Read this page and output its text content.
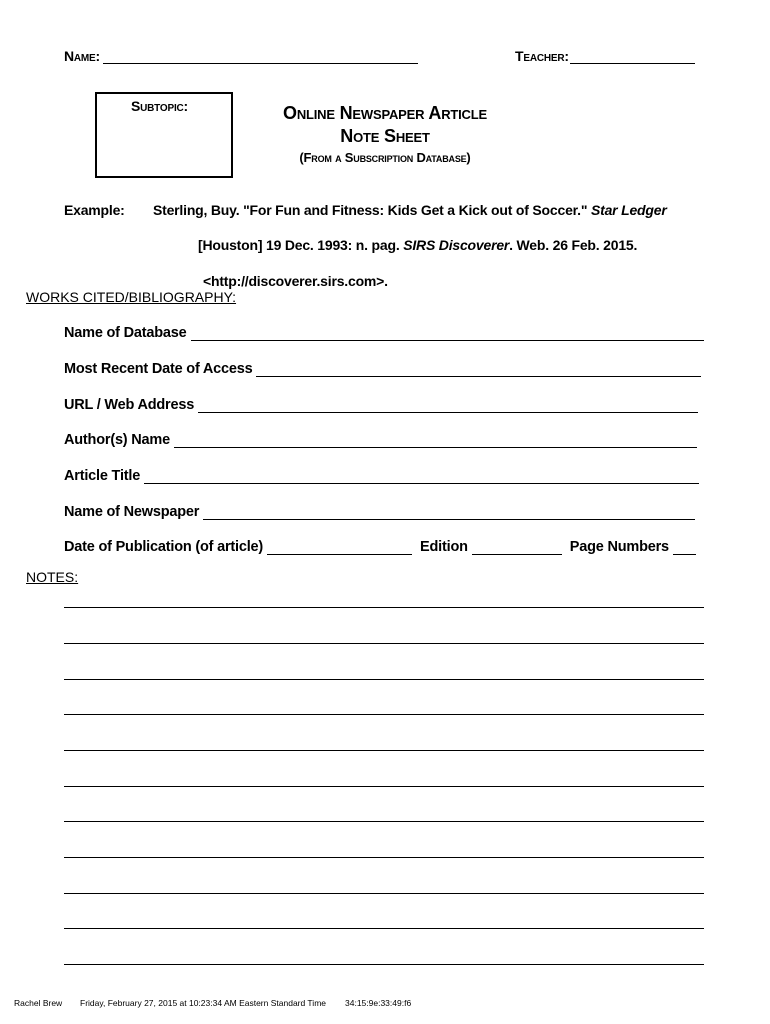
Name:	Teacher:
Subtopic:	Online Newspaper Article
Note Sheet
(From a Subscription Database)
Example: Sterling, Buy. "For Fun and Fitness: Kids Get a Kick out of Soccer." Star Ledger
[Houston] 19 Dec. 1993: n. pag. SIRS Discoverer. Web. 26 Feb. 2015.
<http://discoverer.sirs.com>.
WORKS CITED/BIBLIOGRAPHY:
Name of Database
Most Recent Date of Access
URL / Web Address
Author(s) Name
Article Title
Name of Newspaper
Date of Publication (of article)	Edition	Page Numbers
NOTES:
Rachel Brew Friday, February 27, 2015 at 10:23:34 AM Eastern Standard Time 34:15:9e:33:49:f6
